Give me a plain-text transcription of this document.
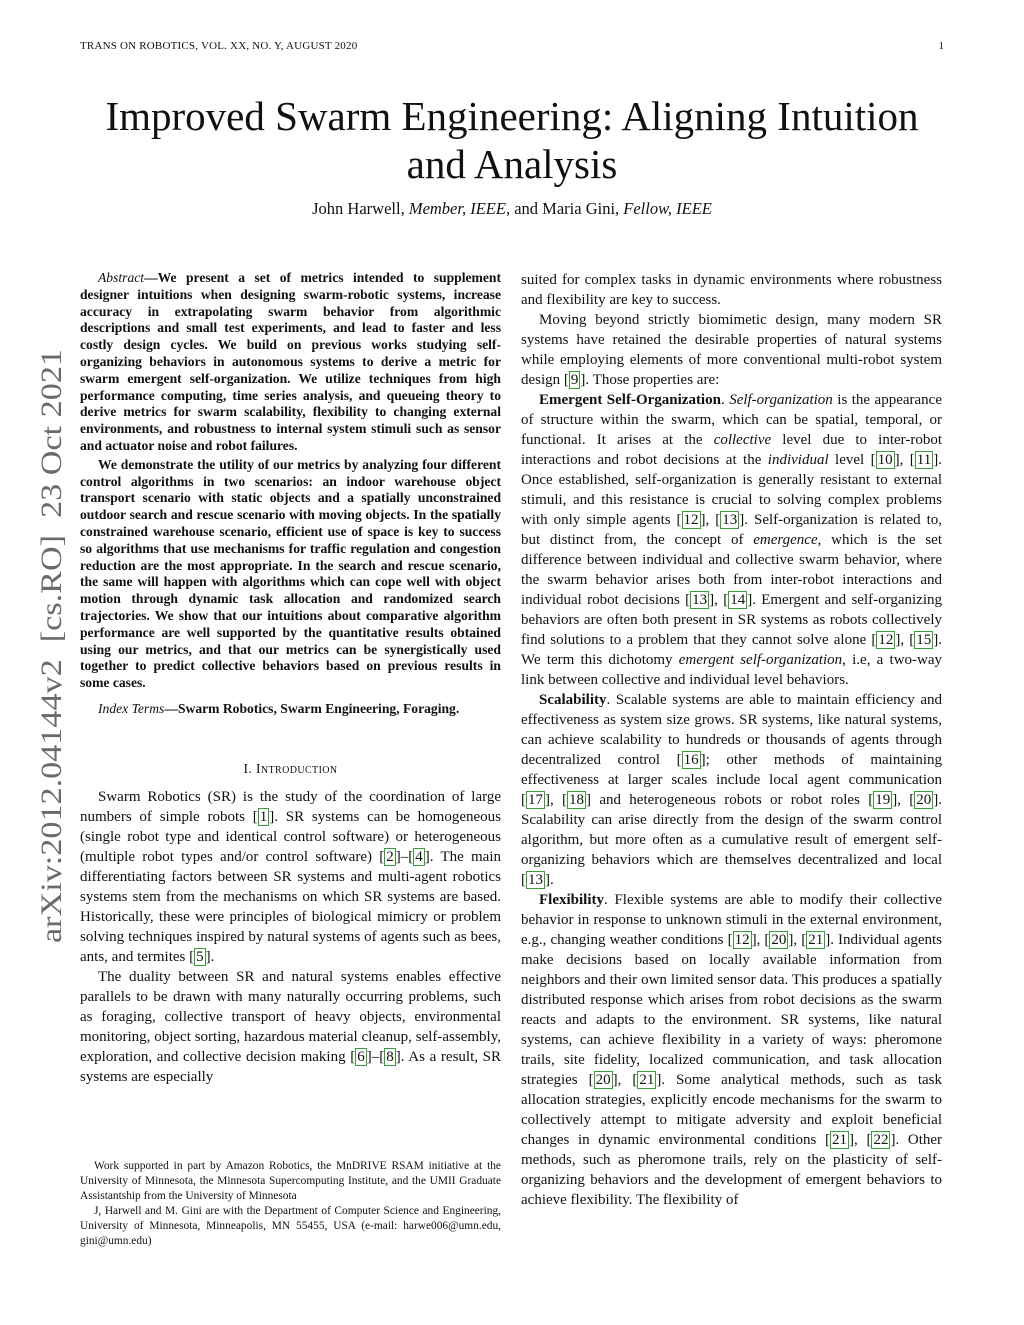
TRANS ON ROBOTICS, VOL. XX, NO. Y, AUGUST 2020	1
Improved Swarm Engineering: Aligning Intuition
and Analysis
John Harwell, Member, IEEE, and Maria Gini, Fellow, IEEE
arXiv:2012.04144v2  [cs.RO]  23 Oct 2021

Abstract—We present a set of metrics intended to supplement designer intuitions when designing swarm-robotic systems, increase accuracy in extrapolating swarm behavior from algorithmic descriptions and small test experiments, and lead to faster and less costly design cycles. We build on previous works studying self-organizing behaviors in autonomous systems to derive a metric for swarm emergent self-organization. We utilize techniques from high performance computing, time series analysis, and queueing theory to derive metrics for swarm scalability, flexibility to changing external environments, and robustness to internal system stimuli such as sensor and actuator noise and robot failures.

We demonstrate the utility of our metrics by analyzing four different control algorithms in two scenarios: an indoor warehouse object transport scenario with static objects and a spatially unconstrained outdoor search and rescue scenario with moving objects. In the spatially constrained warehouse scenario, efficient use of space is key to success so algorithms that use mechanisms for traffic regulation and congestion reduction are the most appropriate. In the search and rescue scenario, the same will happen with algorithms which can cope well with object motion through dynamic task allocation and randomized search trajectories. We show that our intuitions about comparative algorithm performance are well supported by the quantitative results obtained using our metrics, and that our metrics can be synergistically used together to predict collective behaviors based on previous results in some cases.

Index Terms—Swarm Robotics, Swarm Engineering, Foraging.
I. Introduction

Swarm Robotics (SR) is the study of the coordination of large numbers of simple robots [ 1 ]. SR systems can be homogeneous (single robot type and identical control software) or heterogeneous (multiple robot types and/or control software) [ 2 ]–[ 4 ]. The main differentiating factors between SR systems and multi-agent robotics systems stem from the mechanisms on which SR systems are based. Historically, these were principles of biological mimicry or problem solving techniques inspired by natural systems of agents such as bees, ants, and termites [ 5 ].

The duality between SR and natural systems enables effective parallels to be drawn with many naturally occurring problems, such as foraging, collective transport of heavy objects, environmental monitoring, object sorting, hazardous material cleanup, self-assembly, exploration, and collective decision making [ 6 ]–[ 8 ]. As a result, SR systems are especially

Work supported in part by Amazon Robotics, the MnDRIVE RSAM initiative at the University of Minnesota, the Minnesota Supercomputing Institute, and the UMII Graduate Assistantship from the University of Minnesota

J, Harwell and M. Gini are with the Department of Computer Science and Engineering, University of Minnesota, Minneapolis, MN 55455, USA (e-mail: harwe006@umn.edu, gini@umn.edu)

suited for complex tasks in dynamic environments where robustness and flexibility are key to success.

Moving beyond strictly biomimetic design, many modern SR systems have retained the desirable properties of natural systems while employing elements of more conventional multi-robot system design [ 9 ]. Those properties are:

Emergent Self-Organization. Self-organization is the appearance of structure within the swarm, which can be spatial, temporal, or functional. It arises at the collective level due to inter-robot interactions and robot decisions at the individual level [ 10 ], [ 11 ]. Once established, self-organization is generally resistant to external stimuli, and this resistance is crucial to solving complex problems with only simple agents [ 12 ], [ 13 ]. Self-organization is related to, but distinct from, the concept of emergence, which is the set difference between individual and collective swarm behavior, where the swarm behavior arises both from inter-robot interactions and individual robot decisions [ 13 ], [ 14 ]. Emergent and self-organizing behaviors are often both present in SR systems as robots collectively find solutions to a problem that they cannot solve alone [ 12 ], [ 15 ]. We term this dichotomy emergent self-organization, i.e, a two-way link between collective and individual level behaviors.

Scalability. Scalable systems are able to maintain efficiency and effectiveness as system size grows. SR systems, like natural systems, can achieve scalability to hundreds or thousands of agents through decentralized control [ 16 ]; other methods of maintaining effectiveness at larger scales include local agent communication [ 17 ], [ 18 ] and heterogeneous robots or robot roles [ 19 ], [ 20 ]. Scalability can arise directly from the design of the swarm control algorithm, but more often as a cumulative result of emergent self-organizing behaviors which are themselves decentralized and local [ 13 ].

Flexibility. Flexible systems are able to modify their collective behavior in response to unknown stimuli in the external environment, e.g., changing weather conditions [ 12 ], [ 20 ], [ 21 ]. Individual agents make decisions based on locally available information from neighbors and their own limited sensor data. This produces a spatially distributed response which arises from robot decisions as the swarm reacts and adapts to the environment. SR systems, like natural systems, can achieve flexibility in a variety of ways: pheromone trails, site fidelity, localized communication, and task allocation strategies [ 20 ], [ 21 ]. Some analytical methods, such as task allocation strategies, explicitly encode mechanisms for the swarm to collectively attempt to mitigate adversity and exploit beneficial changes in dynamic environmental conditions [ 21 ], [ 22 ]. Other methods, such as pheromone trails, rely on the plasticity of self-organizing behaviors and the development of emergent behaviors to achieve flexibility. The flexibility of
